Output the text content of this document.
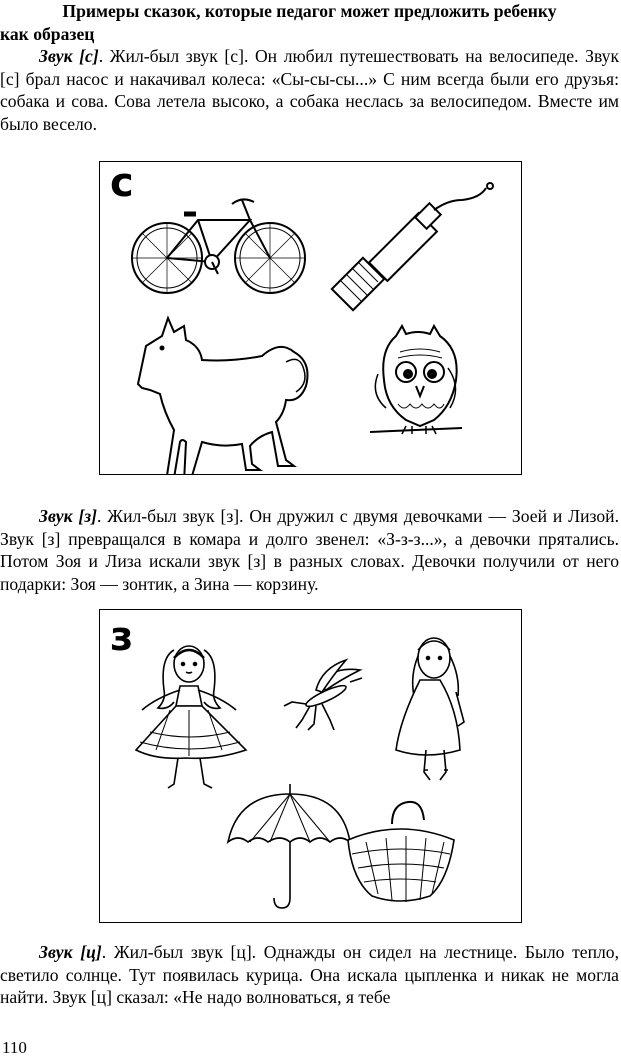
Примеры сказок, которые педагог может предложить ребенку
как образец

Звук [с]. Жил-был звук [с]. Он любил путешествовать на велосипеде. Звук [с] брал насос и накачивал колеса: «Сы-сы-сы...» С ним всегда были его друзья: собака и сова. Сова летела высоко, а собака неслась за велосипедом. Вместе им было весело.

с

Звук [з]. Жил-был звук [з]. Он дружил с двумя девочками — Зоей и Лизой. Звук [з] превращался в комара и долго звенел: «З-з-з...», а девочки прятались. Потом Зоя и Лиза искали звук [з] в разных словах. Девочки получили от него подарки: Зоя — зонтик, а Зина — корзину.

з

Звук [ц]. Жил-был звук [ц]. Однажды он сидел на лестнице. Было тепло, светило солнце. Тут появилась курица. Она искала цыпленка и никак не могла найти. Звук [ц] сказал: «Не надо волноваться, я тебе

110
